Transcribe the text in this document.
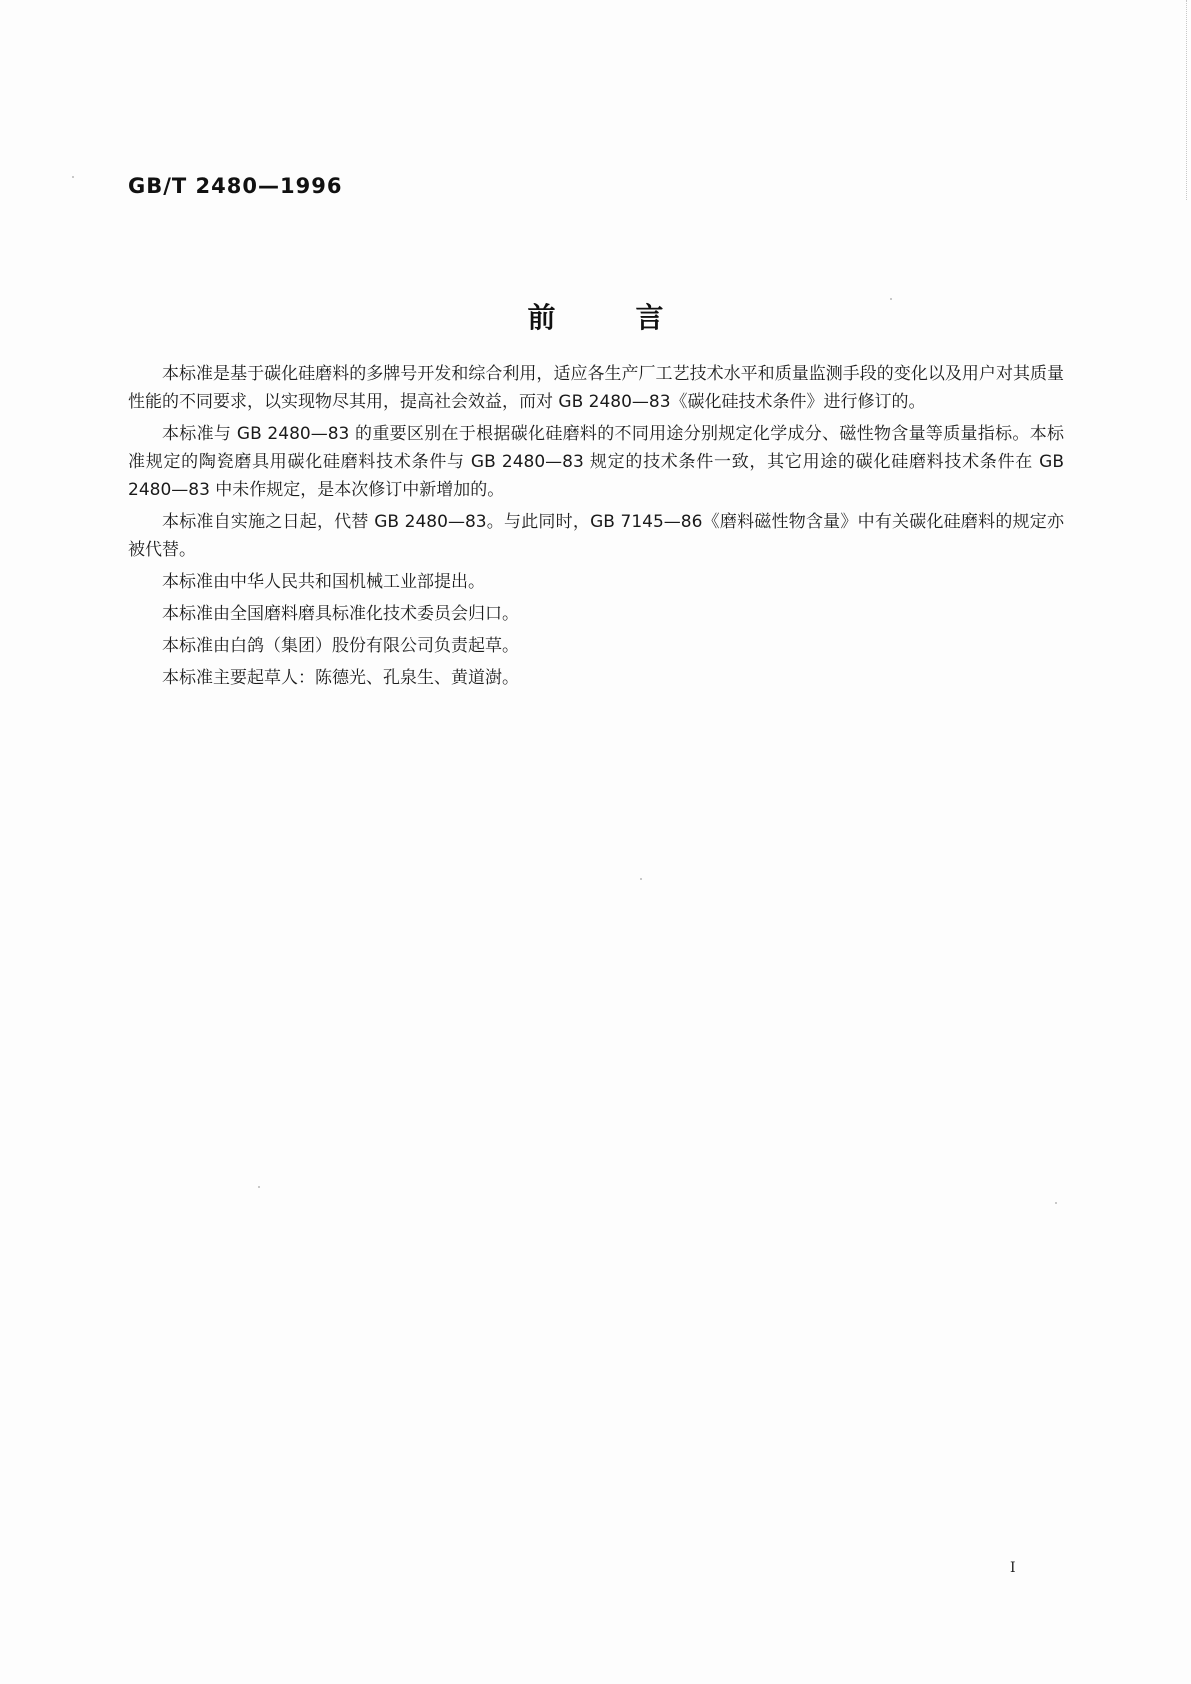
GB/T 2480—1996
前言

本标准是基于碳化硅磨料的多牌号开发和综合利用，适应各生产厂工艺技术水平和质量监测手段的变化以及用户对其质量性能的不同要求，以实现物尽其用，提高社会效益，而对 GB 2480—83《碳化硅技术条件》进行修订的。

本标准与 GB 2480—83 的重要区别在于根据碳化硅磨料的不同用途分别规定化学成分、磁性物含量等质量指标。本标准规定的陶瓷磨具用碳化硅磨料技术条件与 GB 2480—83 规定的技术条件一致，其它用途的碳化硅磨料技术条件在 GB 2480—83 中未作规定，是本次修订中新增加的。

本标准自实施之日起，代替 GB 2480—83。与此同时，GB 7145—86《磨料磁性物含量》中有关碳化硅磨料的规定亦被代替。

本标准由中华人民共和国机械工业部提出。

本标准由全国磨料磨具标准化技术委员会归口。

本标准由白鸽（集团）股份有限公司负责起草。

本标准主要起草人：陈德光、孔泉生、黄道澍。

I
